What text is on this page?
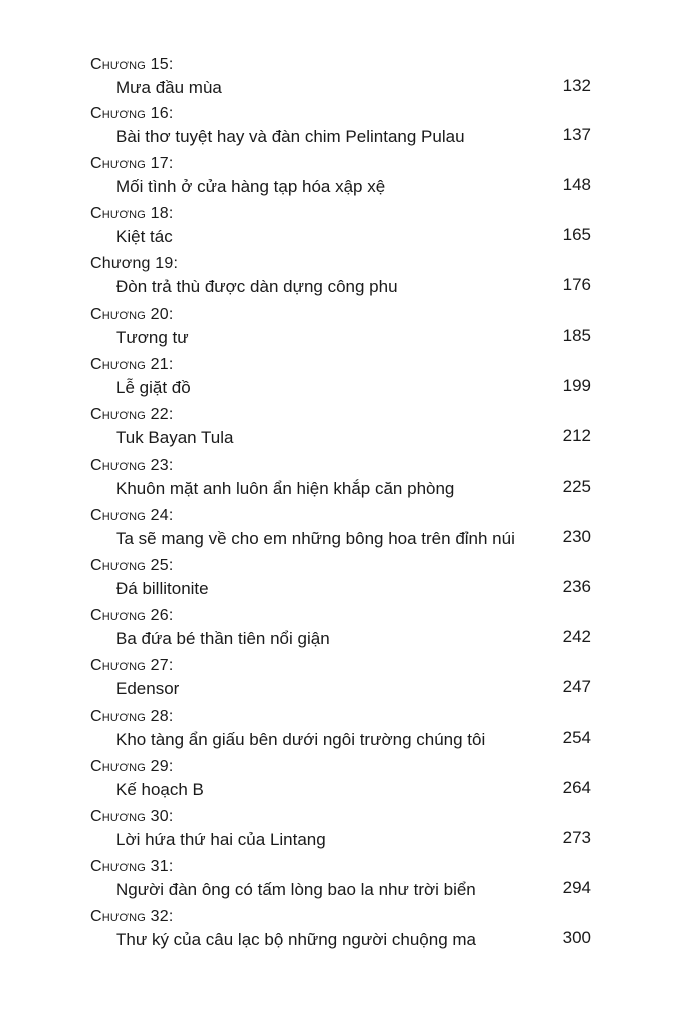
Chương 15:
Mưa đầu mùa	132
Chương 16:
Bài thơ tuyệt hay và đàn chim Pelintang Pulau	137
Chương 17:
Mối tình ở cửa hàng tạp hóa xập xệ	148
Chương 18:
Kiệt tác	165
Chương 19:
Đòn trả thù được dàn dựng công phu	176
Chương 20:
Tương tư	185
Chương 21:
Lễ giặt đồ	199
Chương 22:
Tuk Bayan Tula	212
Chương 23:
Khuôn mặt anh luôn ẩn hiện khắp căn phòng	225
Chương 24:
Ta sẽ mang về cho em những bông hoa trên đỉnh núi	230
Chương 25:
Đá billitonite	236
Chương 26:
Ba đứa bé thần tiên nổi giận	242
Chương 27:
Edensor	247
Chương 28:
Kho tàng ẩn giấu bên dưới ngôi trường chúng tôi	254
Chương 29:
Kế hoạch B	264
Chương 30:
Lời hứa thứ hai của Lintang	273
Chương 31:
Người đàn ông có tấm lòng bao la như trời biển	294
Chương 32:
Thư ký của câu lạc bộ những người chuộng ma	300
